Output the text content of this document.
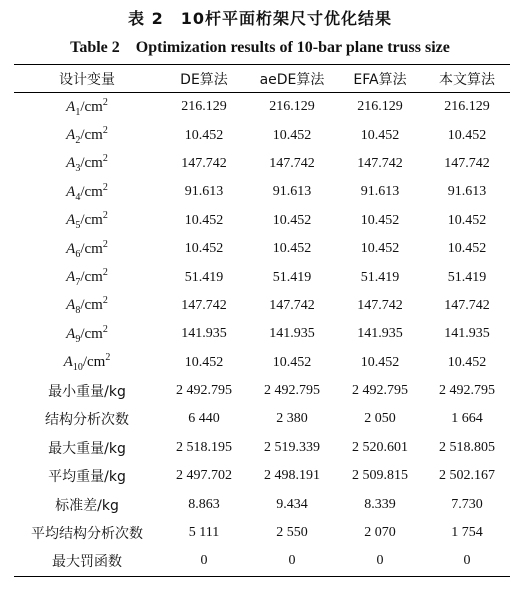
表 2　10杆平面桁架尺寸优化结果
Table 2　Optimization results of 10-bar plane truss size
设计变量	DE算法	aeDE算法	EFA算法	本文算法
$A_1/cm^2$	216.129	216.129	216.129	216.129
$A_2/cm^2$	10.452	10.452	10.452	10.452
$A_3/cm^2$	147.742	147.742	147.742	147.742
$A_4/cm^2$	91.613	91.613	91.613	91.613
$A_5/cm^2$	10.452	10.452	10.452	10.452
$A_6/cm^2$	10.452	10.452	10.452	10.452
$A_7/cm^2$	51.419	51.419	51.419	51.419
$A_8/cm^2$	147.742	147.742	147.742	147.742
$A_9/cm^2$	141.935	141.935	141.935	141.935
$A_{10}/cm^2$	10.452	10.452	10.452	10.452
最小重量/kg	2 492.795	2 492.795	2 492.795	2 492.795
结构分析次数	6 440	2 380	2 050	1 664
最大重量/kg	2 518.195	2 519.339	2 520.601	2 518.805
平均重量/kg	2 497.702	2 498.191	2 509.815	2 502.167
标准差/kg	8.863	9.434	8.339	7.730
平均结构分析次数	5 111	2 550	2 070	1 754
最大罚函数	0	0	0	0
